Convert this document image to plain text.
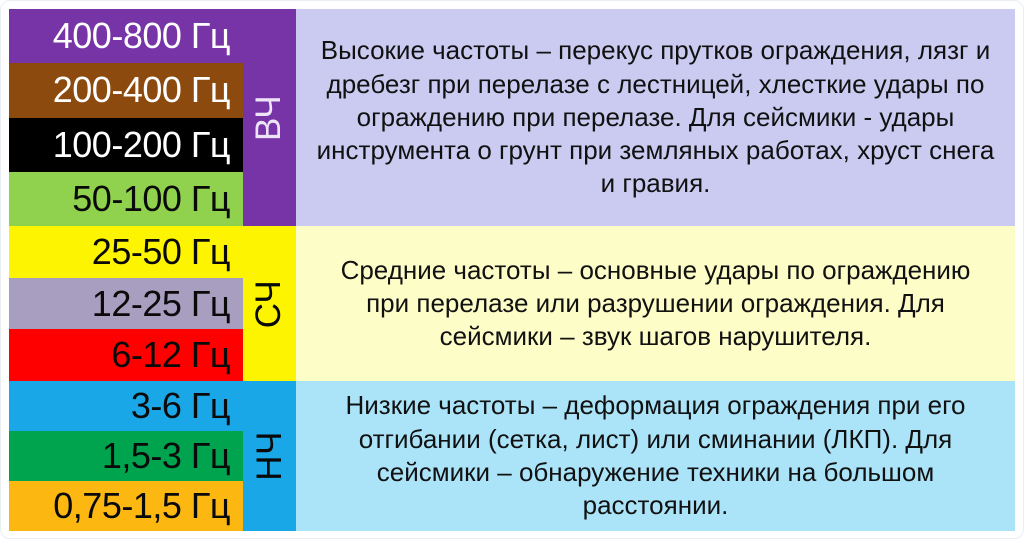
400-800 Гц
200-400 Гц
100-200 Гц
50-100 Гц
ВЧ
Высокие частоты – перекус прутков ограждения, лязг и дребезг при перелазе с лестницей, хлесткие удары по ограждению при перелазе. Для сейсмики - удары инструмента о грунт при земляных работах, хруст снега и гравия.
25-50 Гц
12-25 Гц
6-12 Гц
СЧ
Средние частоты – основные удары по ограждению при перелазе или разрушении ограждения. Для сейсмики – звук шагов нарушителя.
3-6 Гц
1,5-3 Гц
0,75-1,5 Гц
НЧ
Низкие частоты – деформация ограждения при его отгибании (сетка, лист) или сминании (ЛКП). Для сейсмики – обнаружение техники на большом расстоянии.
